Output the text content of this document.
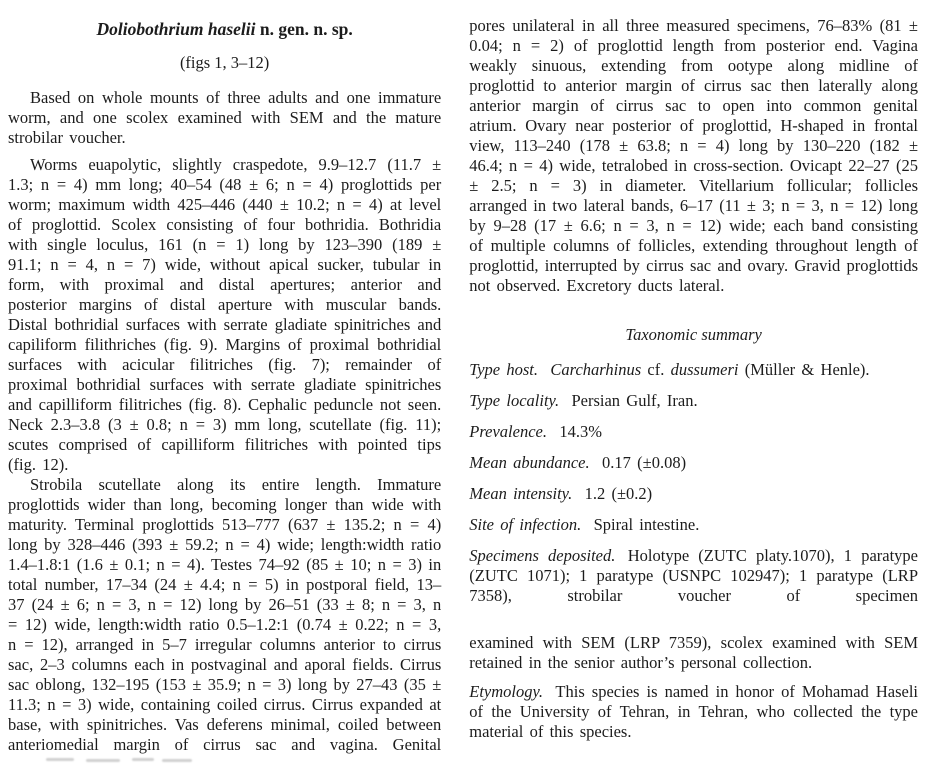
Doliobothrium haselii n. gen. n. sp.
(figs 1, 3–12)

Based on whole mounts of three adults and one immature worm, and one scolex examined with SEM and the mature strobilar voucher.

Worms euapolytic, slightly craspedote, 9.9–12.7 (11.7 ± 1.3; n = 4) mm long; 40–54 (48 ± 6; n = 4) proglottids per worm; maximum width 425–446 (440 ± 10.2; n = 4) at level of proglottid. Scolex consisting of four bothridia. Bothridia with single loculus, 161 (n = 1) long by 123–390 (189 ± 91.1; n = 4, n = 7) wide, without apical sucker, tubular in form, with proximal and distal apertures; anterior and posterior margins of distal aperture with muscular bands. Distal bothridial surfaces with serrate gladiate spinitriches and capiliform filithriches (fig. 9). Margins of proximal bothridial surfaces with acicular filitriches (fig. 7); remainder of proximal bothridial surfaces with serrate gladiate spinitriches and capilliform filitriches (fig. 8). Cephalic peduncle not seen. Neck 2.3–3.8 (3 ± 0.8; n = 3) mm long, scutellate (fig. 11); scutes comprised of capilliform filitriches with pointed tips (fig. 12).

Strobila scutellate along its entire length. Immature proglottids wider than long, becoming longer than wide with maturity. Terminal proglottids 513–777 (637 ± 135.2; n = 4) long by 328–446 (393 ± 59.2; n = 4) wide; length:width ratio 1.4–1.8:1 (1.6 ± 0.1; n = 4). Testes 74–92 (85 ± 10; n = 3) in total number, 17–34 (24 ± 4.4; n = 5) in postporal field, 13–37 (24 ± 6; n = 3, n = 12) long by 26–51 (33 ± 8; n = 3, n = 12) wide, length:width ratio 0.5–1.2:1 (0.74 ± 0.22; n = 3, n = 12), arranged in 5–7 irregular columns anterior to cirrus sac, 2–3 columns each in postvaginal and aporal fields. Cirrus sac oblong, 132–195 (153 ± 35.9; n = 3) long by 27–43 (35 ± 11.3; n = 3) wide, containing coiled cirrus. Cirrus expanded at base, with spinitriches. Vas deferens minimal, coiled between anteriomedial margin of cirrus sac and vagina. Genital

pores unilateral in all three measured specimens, 76–83% (81 ± 0.04; n = 2) of proglottid length from posterior end. Vagina weakly sinuous, extending from ootype along midline of proglottid to anterior margin of cirrus sac then laterally along anterior margin of cirrus sac to open into common genital atrium. Ovary near posterior of proglottid, H-shaped in frontal view, 113–240 (178 ± 63.8; n = 4) long by 130–220 (182 ± 46.4; n = 4) wide, tetralobed in cross-section. Ovicapt 22–27 (25 ± 2.5; n = 3) in diameter. Vitellarium follicular; follicles arranged in two lateral bands, 6–17 (11 ± 3; n = 3, n = 12) long by 9–28 (17 ± 6.6; n = 3, n = 12) wide; each band consisting of multiple columns of follicles, extending throughout length of proglottid, interrupted by cirrus sac and ovary. Gravid proglottids not observed. Excretory ducts lateral.

Taxonomic summary

Type host. Carcharhinus cf. dussumeri (Müller & Henle).

Type locality. Persian Gulf, Iran.

Prevalence. 14.3%

Mean abundance. 0.17 (±0.08)

Mean intensity. 1.2 (±0.2)

Site of infection. Spiral intestine.

Specimens deposited. Holotype (ZUTC platy.1070), 1 paratype (ZUTC 1071); 1 paratype (USNPC 102947); 1 paratype (LRP 7358), strobilar voucher of specimen

examined with SEM (LRP 7359), scolex examined with SEM retained in the senior author’s personal collection.

Etymology. This species is named in honor of Mohamad Haseli of the University of Tehran, in Tehran, who collected the type material of this species.
